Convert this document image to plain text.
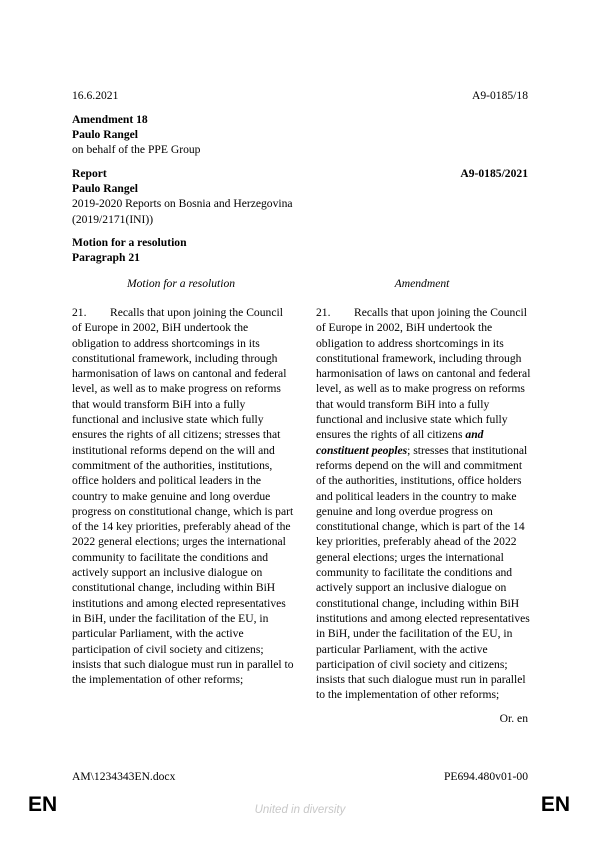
16.6.2021	A9-0185/18
Amendment 18
Paulo Rangel
on behalf of the PPE Group
Report
Paulo Rangel
2019-2020 Reports on Bosnia and Herzegovina
(2019/2171(INI))
A9-0185/2021
Motion for a resolution
Paragraph 21
Motion for a resolution	Amendment

21. Recalls that upon joining the Council of Europe in 2002, BiH undertook the obligation to address shortcomings in its constitutional framework, including through harmonisation of laws on cantonal and federal level, as well as to make progress on reforms that would transform BiH into a fully functional and inclusive state which fully ensures the rights of all citizens; stresses that institutional reforms depend on the will and commitment of the authorities, institutions, office holders and political leaders in the country to make genuine and long overdue progress on constitutional change, which is part of the 14 key priorities, preferably ahead of the 2022 general elections; urges the international community to facilitate the conditions and actively support an inclusive dialogue on constitutional change, including within BiH institutions and among elected representatives in BiH, under the facilitation of the EU, in particular Parliament, with the active participation of civil society and citizens; insists that such dialogue must run in parallel to the implementation of other reforms;

21. Recalls that upon joining the Council of Europe in 2002, BiH undertook the obligation to address shortcomings in its constitutional framework, including through harmonisation of laws on cantonal and federal level, as well as to make progress on reforms that would transform BiH into a fully functional and inclusive state which fully ensures the rights of all citizens and constituent peoples; stresses that institutional reforms depend on the will and commitment of the authorities, institutions, office holders and political leaders in the country to make genuine and long overdue progress on constitutional change, which is part of the 14 key priorities, preferably ahead of the 2022 general elections; urges the international community to facilitate the conditions and actively support an inclusive dialogue on constitutional change, including within BiH institutions and among elected representatives in BiH, under the facilitation of the EU, in particular Parliament, with the active participation of civil society and citizens; insists that such dialogue must run in parallel to the implementation of other reforms;

Or. en
AM\1234343EN.docx	PE694.480v01-00
EN	United in diversity	EN
